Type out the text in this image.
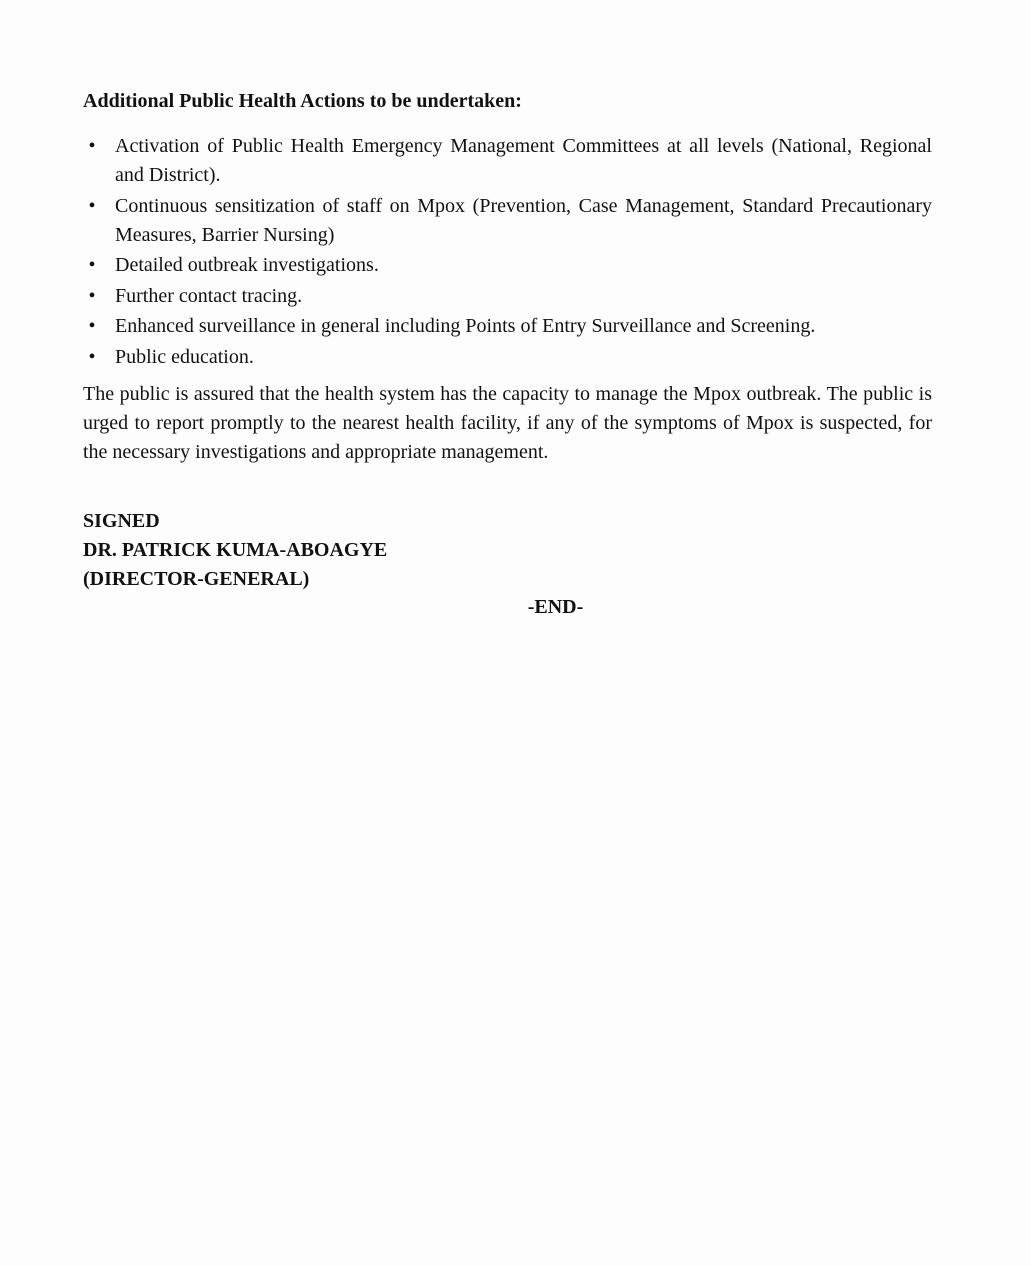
Additional Public Health Actions to be undertaken:
• Activation of Public Health Emergency Management Committees at all levels (National, Regional and District).
• Continuous sensitization of staff on Mpox (Prevention, Case Management, Standard Precautionary Measures, Barrier Nursing)
• Detailed outbreak investigations.
• Further contact tracing.
• Enhanced surveillance in general including Points of Entry Surveillance and Screening.
• Public education.

The public is assured that the health system has the capacity to manage the Mpox outbreak. The public is urged to report promptly to the nearest health facility, if any of the symptoms of Mpox is suspected, for the necessary investigations and appropriate management.

SIGNED
DR. PATRICK KUMA-ABOAGYE
(DIRECTOR-GENERAL)
-END-
